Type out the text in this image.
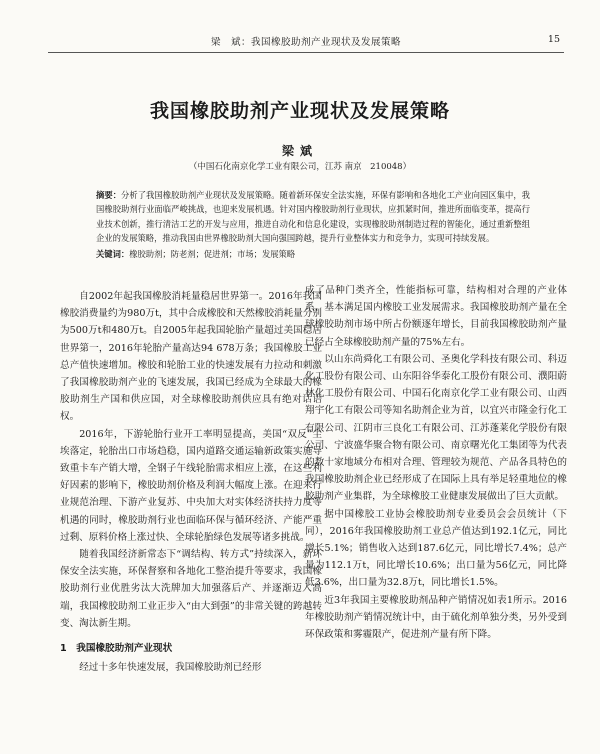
梁　斌：我国橡胶助剂产业现状及发展策略	15
我国橡胶助剂产业现状及发展策略
梁斌
（中国石化南京化学工业有限公司，江苏 南京　210048）
摘要：分析了我国橡胶助剂产业现状及发展策略。随着新环保安全法实施，环保有影响和各地化工产业向园区集中，我国橡胶助剂行业面临严峻挑战，也迎来发展机遇。针对国内橡胶助剂行业现状，应抓紧时间，推进所面临变革，提高行业技术创新，推行清洁工艺的开发与应用，推进自动化和信息化建设，实现橡胶助剂制造过程的智能化，通过重新整组企业的发展策略，推动我国由世界橡胶助剂大国向强国跨越，提升行业整体实力和竞争力，实现可持续发展。
关键词：橡胶助剂；防老剂；促进剂；市场；发展策略

自2002年起我国橡胶消耗量稳居世界第一。2016年我国橡胶消费量约为980万t，其中合成橡胶和天然橡胶消耗量分别为500万t和480万t。自2005年起我国轮胎产量超过美国稳居世界第一，2016年轮胎产量高达94 678万条；我国橡胶工业总产值快速增加。橡胶和轮胎工业的快速发展有力拉动和刺激了我国橡胶助剂产业的飞速发展，我国已经成为全球最大的橡胶助剂生产国和供应国，对全球橡胶助剂供应具有绝对话语权。

2016年，下游轮胎行业开工率明显提高，美国“双反”尘埃落定，轮胎出口市场趋稳，国内道路交通运输新政策实施导致重卡车产销大增，全钢子午线轮胎需求相应上涨，在这些利好因素的影响下，橡胶助剂价格及利润大幅度上涨。在迎来行业规范治理、下游产业复苏、中央加大对实体经济扶持力度等机遇的同时，橡胶助剂行业也面临环保与循环经济、产能严重过剩、原料价格上涨过快、全球轮胎绿色发展等诸多挑战。

随着我国经济新常态下“调结构、转方式”持续深入，新环保安全法实施，环保督察和各地化工整治提升等要求，我国橡胶助剂行业优胜劣汰大洗牌加大加强落后产、并逐渐迈入高端，我国橡胶助剂工业正步入“由大到强”的非常关键的跨越转变、淘汰新生期。

1　我国橡胶助剂产业现状

经过十多年快速发展，我国橡胶助剂已经形

成了品种门类齐全，性能指标可靠，结构相对合理的产业体系，基本满足国内橡胶工业发展需求。我国橡胶助剂产量在全球橡胶助剂市场中所占份额逐年增长，目前我国橡胶助剂产量已经占全球橡胶助剂产量的75%左右。

以山东尚舜化工有限公司、圣奥化学科技有限公司、科迈化工股份有限公司、山东阳谷华泰化工股份有限公司、濮阳蔚林化工股份有限公司、中国石化南京化学工业有限公司、山西翔宇化工有限公司等知名助剂企业为首，以宜兴市隆金行化工有限公司、江阴市三良化工有限公司、江苏蓬莱化学股份有限公司、宁波盛华聚合物有限公司、南京曙光化工集团等为代表的数十家地域分布相对合理、管理较为规范、产品各具特色的我国橡胶助剂企业已经形成了在国际上具有举足轻重地位的橡胶助剂产业集群，为全球橡胶工业健康发展做出了巨大贡献。

据中国橡胶工业协会橡胶助剂专业委员会会员统计（下同），2016年我国橡胶助剂工业总产值达到192.1亿元，同比增长5.1%；销售收入达到187.6亿元，同比增长7.4%；总产量为112.1万t，同比增长10.6%；出口量为56亿元，同比降低3.6%，出口量为32.8万t，同比增长1.5%。

近3年我国主要橡胶助剂品种产销情况如表1所示。2016年橡胶助剂产销情况统计中，由于硫化剂单独分类，另外受到环保政策和雾霾限产，促进剂产量有所下降。
